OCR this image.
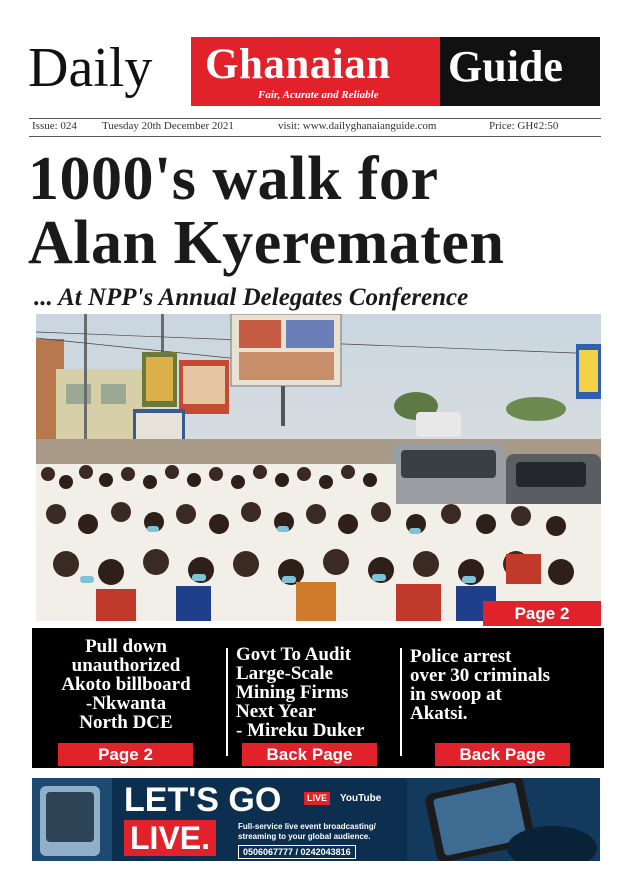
Daily Ghanaian
Fair, Acurate and Reliable
Guide
Issue: 024 Tuesday 20th December 2021	visit: www.dailyghanaianguide.com	Price: GH¢2:50
1000's walk for
Alan Kyerematen
... At NPP's Annual Delegates Conference
Page 2
Pull down
unauthorized
Akoto billboard
-Nkwanta
North DCE
Page 2
Govt To Audit
Large-Scale
Mining Firms
Next Year
- Mireku Duker
Back Page
Police arrest
over 30 criminals
in swoop at
Akatsi.
Back Page
LET'S GO
LIVE.
LIVE	YouTube
Full-service live event broadcasting/
streaming to your global audience.
0506067777 / 0242043816
